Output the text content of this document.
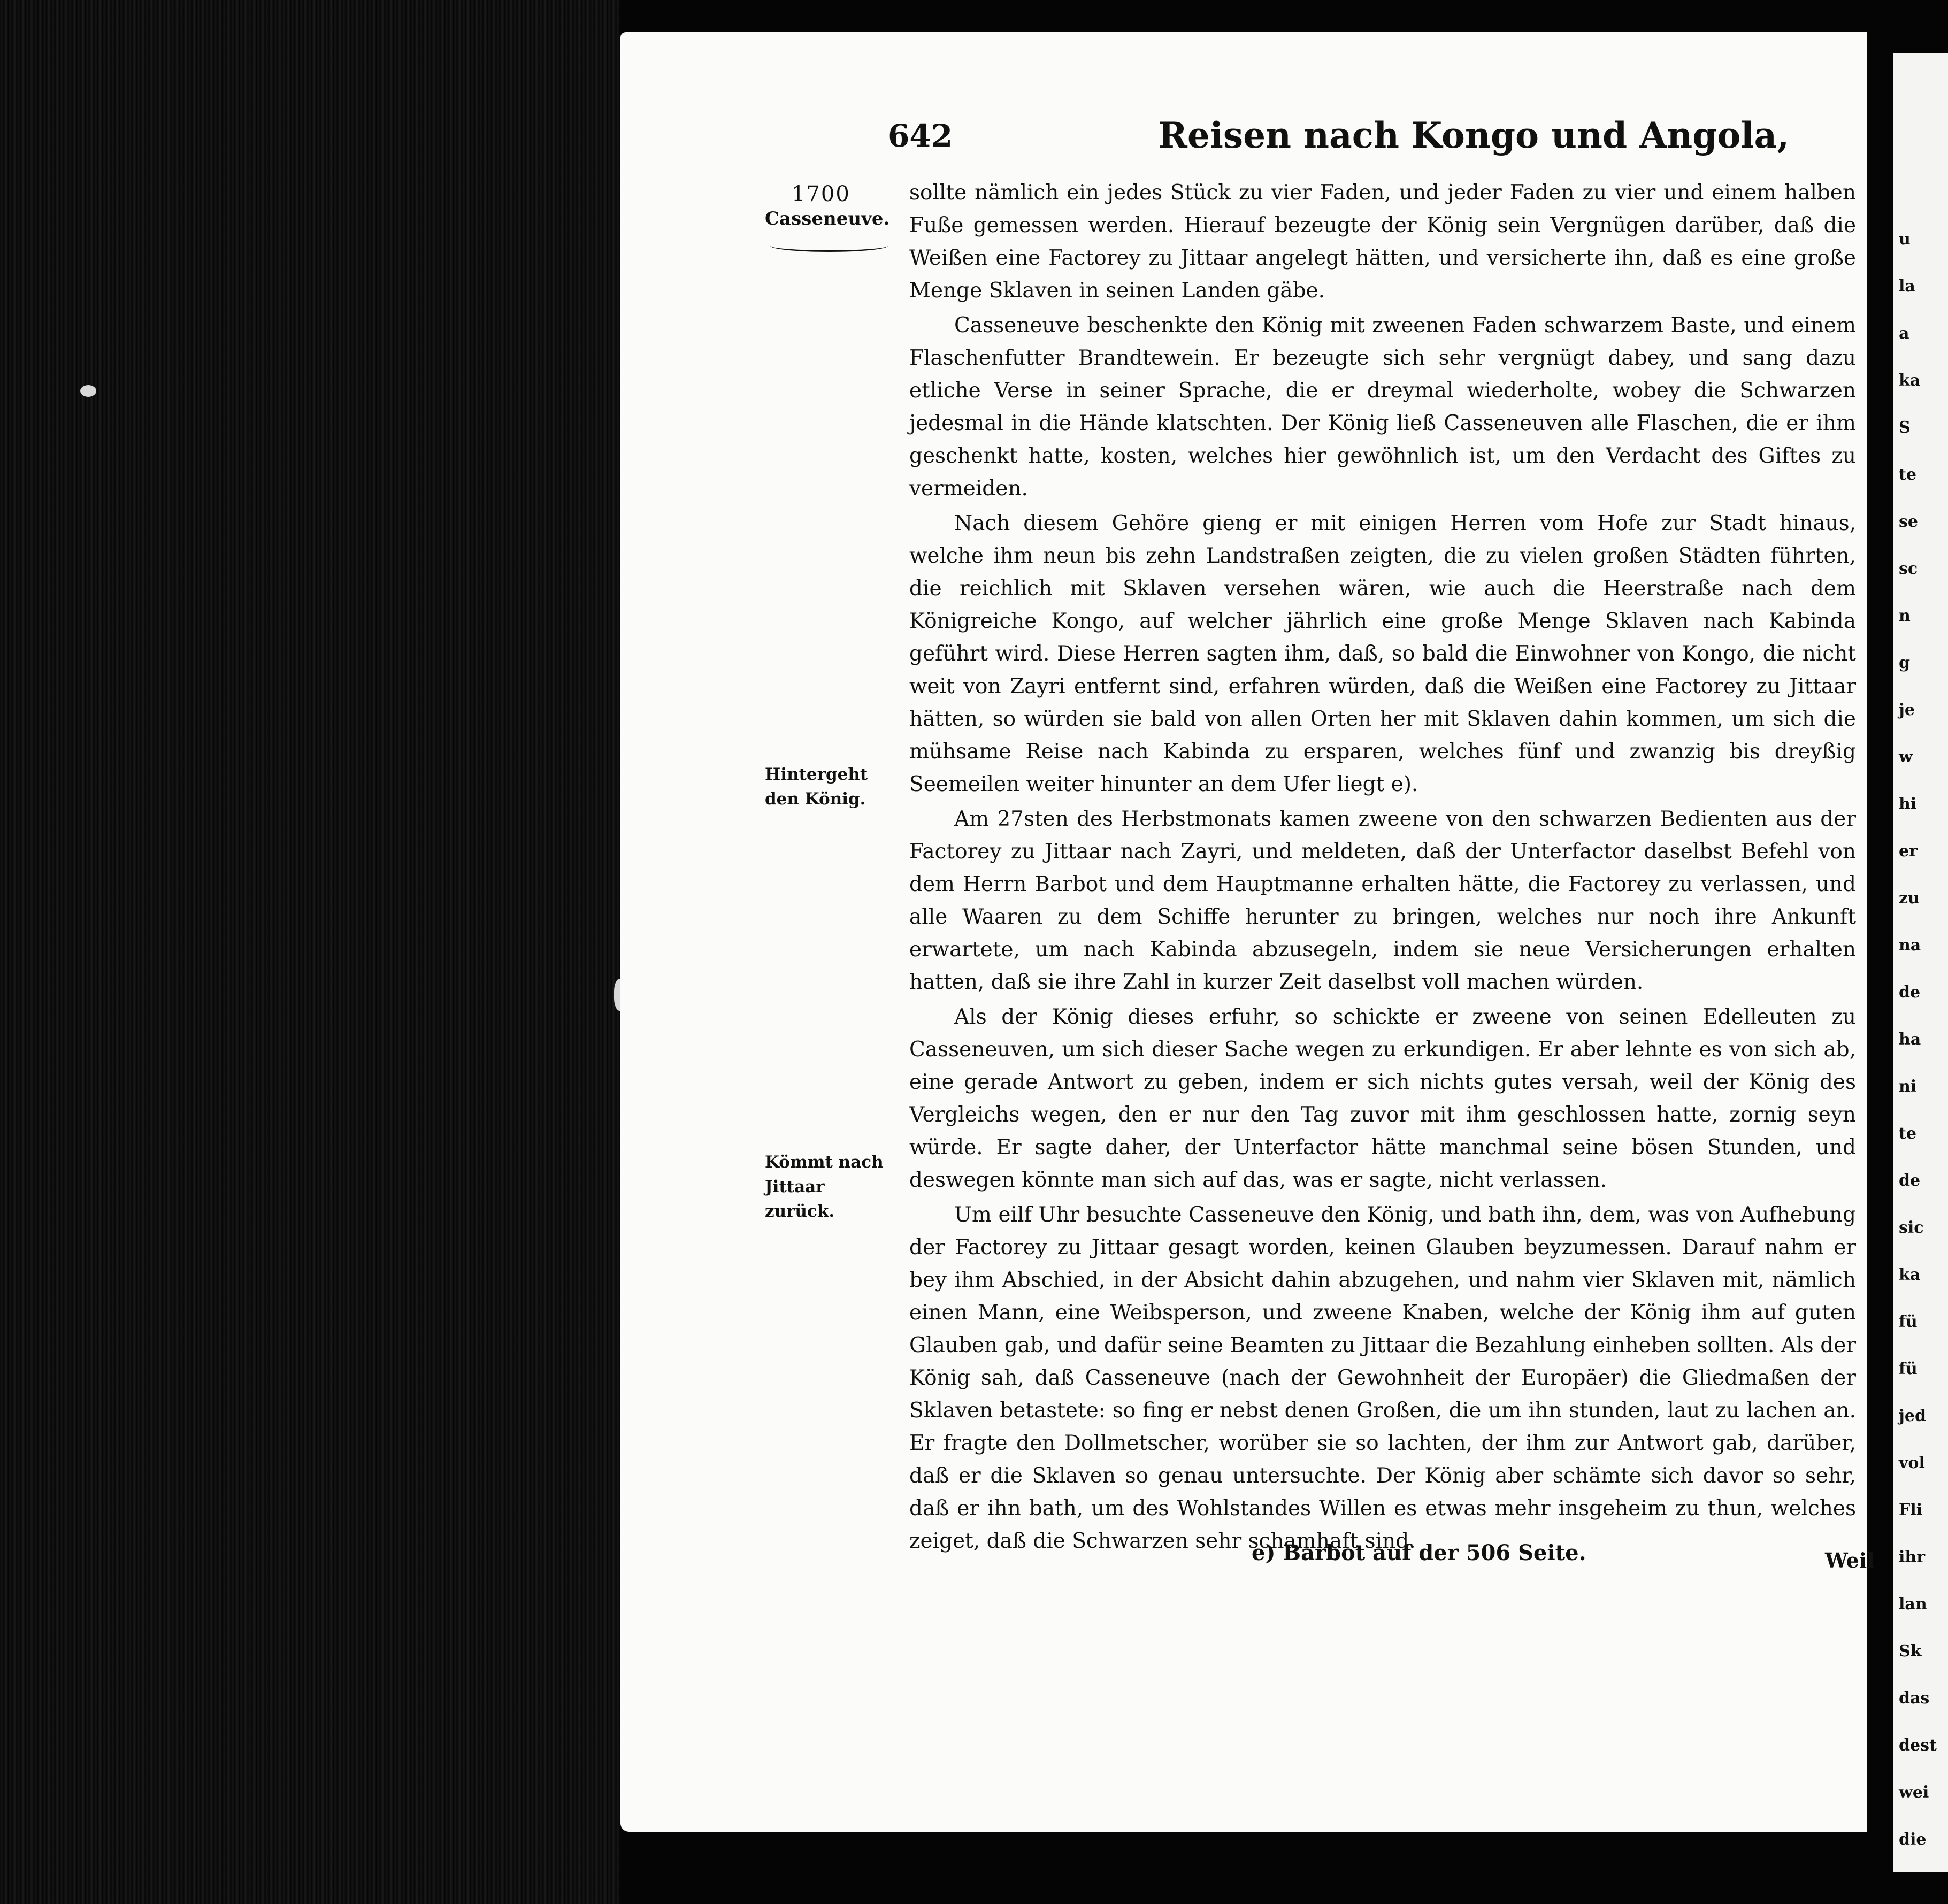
u
la
a
ka
S
te
se
sc
n
g
je
w
hi
er
zu
na
de
ha
ni
te
de
sic
ka
fü
fü
jed
vol
Fli
ihr
lan
Sk
das
dest
wei
die
642	Reisen nach Kongo und Angola,
1700
Casseneuve.
Hintergeht den König.
Kömmt nach Jittaar zurück.

sollte nämlich ein jedes Stück zu vier Faden, und jeder Faden zu vier und einem halben Fuße gemessen werden. Hierauf bezeugte der König sein Vergnügen darüber, daß die Weißen eine Factorey zu Jittaar angelegt hätten, und versicherte ihn, daß es eine große Menge Sklaven in seinen Landen gäbe.

Casseneuve beschenkte den König mit zweenen Faden schwarzem Baste, und einem Flaschenfutter Brandtewein. Er bezeugte sich sehr vergnügt dabey, und sang dazu etliche Verse in seiner Sprache, die er dreymal wiederholte, wobey die Schwarzen jedesmal in die Hände klatschten. Der König ließ Casseneuven alle Flaschen, die er ihm geschenkt hatte, kosten, welches hier gewöhnlich ist, um den Verdacht des Giftes zu vermeiden.

Nach diesem Gehöre gieng er mit einigen Herren vom Hofe zur Stadt hinaus, welche ihm neun bis zehn Landstraßen zeigten, die zu vielen großen Städten führten, die reichlich mit Sklaven versehen wären, wie auch die Heerstraße nach dem Königreiche Kongo, auf welcher jährlich eine große Menge Sklaven nach Kabinda geführt wird. Diese Herren sagten ihm, daß, so bald die Einwohner von Kongo, die nicht weit von Zayri entfernt sind, erfahren würden, daß die Weißen eine Factorey zu Jittaar hätten, so würden sie bald von allen Orten her mit Sklaven dahin kommen, um sich die mühsame Reise nach Kabinda zu ersparen, welches fünf und zwanzig bis dreyßig Seemeilen weiter hinunter an dem Ufer liegt e).

Am 27sten des Herbstmonats kamen zweene von den schwarzen Bedienten aus der Factorey zu Jittaar nach Zayri, und meldeten, daß der Unterfactor daselbst Befehl von dem Herrn Barbot und dem Hauptmanne erhalten hätte, die Factorey zu verlassen, und alle Waaren zu dem Schiffe herunter zu bringen, welches nur noch ihre Ankunft erwartete, um nach Kabinda abzusegeln, indem sie neue Versicherungen erhalten hatten, daß sie ihre Zahl in kurzer Zeit daselbst voll machen würden.

Als der König dieses erfuhr, so schickte er zweene von seinen Edelleuten zu Casseneuven, um sich dieser Sache wegen zu erkundigen. Er aber lehnte es von sich ab, eine gerade Antwort zu geben, indem er sich nichts gutes versah, weil der König des Vergleichs wegen, den er nur den Tag zuvor mit ihm geschlossen hatte, zornig seyn würde. Er sagte daher, der Unterfactor hätte manchmal seine bösen Stunden, und deswegen könnte man sich auf das, was er sagte, nicht verlassen.

Um eilf Uhr besuchte Casseneuve den König, und bath ihn, dem, was von Aufhebung der Factorey zu Jittaar gesagt worden, keinen Glauben beyzumessen. Darauf nahm er bey ihm Abschied, in der Absicht dahin abzugehen, und nahm vier Sklaven mit, nämlich einen Mann, eine Weibsperson, und zweene Knaben, welche der König ihm auf guten Glauben gab, und dafür seine Beamten zu Jittaar die Bezahlung einheben sollten. Als der König sah, daß Casseneuve (nach der Gewohnheit der Europäer) die Gliedmaßen der Sklaven betastete: so fing er nebst denen Großen, die um ihn stunden, laut zu lachen an. Er fragte den Dollmetscher, worüber sie so lachten, der ihm zur Antwort gab, darüber, daß er die Sklaven so genau untersuchte. Der König aber schämte sich davor so sehr, daß er ihn bath, um des Wohlstandes Willen es etwas mehr insgeheim zu thun, welches zeiget, daß die Schwarzen sehr schamhaft sind.

Weil
e) Barbot auf der 506 Seite.
